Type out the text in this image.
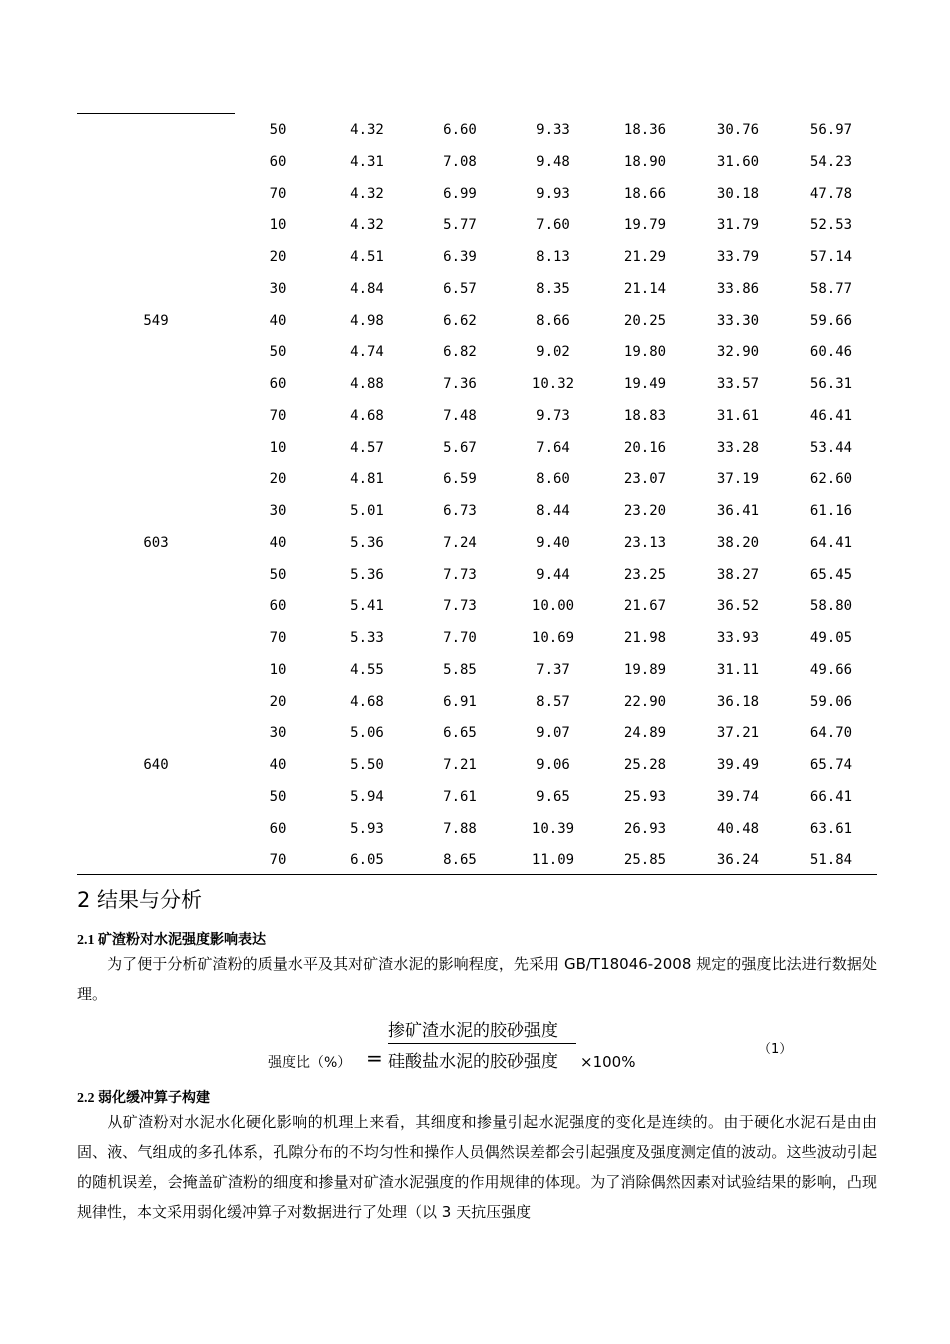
50	4.32	6.60	9.33	18.36	30.76	56.97
60	4.31	7.08	9.48	18.90	31.60	54.23
70	4.32	6.99	9.93	18.66	30.18	47.78
10	4.32	5.77	7.60	19.79	31.79	52.53
20	4.51	6.39	8.13	21.29	33.79	57.14
30	4.84	6.57	8.35	21.14	33.86	58.77
549	40	4.98	6.62	8.66	20.25	33.30	59.66
50	4.74	6.82	9.02	19.80	32.90	60.46
60	4.88	7.36	10.32	19.49	33.57	56.31
70	4.68	7.48	9.73	18.83	31.61	46.41
10	4.57	5.67	7.64	20.16	33.28	53.44
20	4.81	6.59	8.60	23.07	37.19	62.60
30	5.01	6.73	8.44	23.20	36.41	61.16
603	40	5.36	7.24	9.40	23.13	38.20	64.41
50	5.36	7.73	9.44	23.25	38.27	65.45
60	5.41	7.73	10.00	21.67	36.52	58.80
70	5.33	7.70	10.69	21.98	33.93	49.05
10	4.55	5.85	7.37	19.89	31.11	49.66
20	4.68	6.91	8.57	22.90	36.18	59.06
30	5.06	6.65	9.07	24.89	37.21	64.70
640	40	5.50	7.21	9.06	25.28	39.49	65.74
50	5.94	7.61	9.65	25.93	39.74	66.41
60	5.93	7.88	10.39	26.93	40.48	63.61
70	6.05	8.65	11.09	25.85	36.24	51.84
2 结果与分析
2.1 矿渣粉对水泥强度影响表达
为了便于分析矿渣粉的质量水平及其对矿渣水泥的影响程度，先采用 GB/T18046-2008 规定的强度比法进行数据处理。
强度比（%） =
掺矿渣水泥的胶砂强度
硅酸盐水泥的胶砂强度 ×100%
（1）
2.2 弱化缓冲算子构建
从矿渣粉对水泥水化硬化影响的机理上来看，其细度和掺量引起水泥强度的变化是连续的。由于硬化水泥石是由由固、液、气组成的多孔体系，孔隙分布的不均匀性和操作人员偶然误差都会引起强度及强度测定值的波动。这些波动引起的随机误差，会掩盖矿渣粉的细度和掺量对矿渣水泥强度的作用规律的体现。为了消除偶然因素对试验结果的影响，凸现规律性，本文采用弱化缓冲算子对数据进行了处理（以 3 天抗压强度
